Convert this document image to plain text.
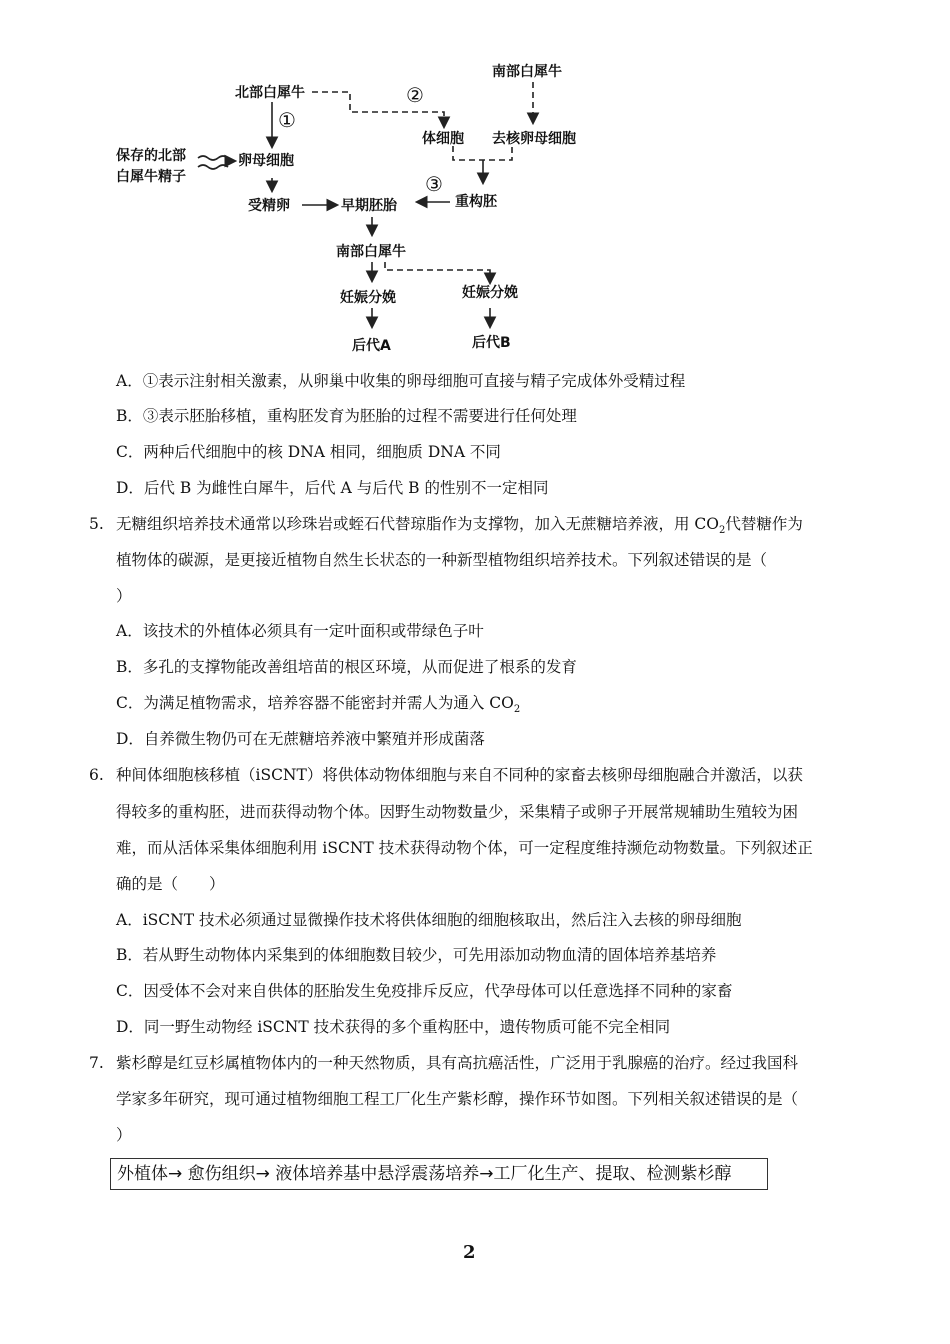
北部白犀牛
南部白犀牛
①
②
③
保存的北部
白犀牛精子
卵母细胞
体细胞 去核卵母细胞
受精卵	早期胚胎	重构胚
南部白犀牛
妊娠分娩	妊娠分娩
后代A	后代B
A．①表示注射相关激素，从卵巢中收集的卵母细胞可直接与精子完成体外受精过程
B．③表示胚胎移植，重构胚发育为胚胎的过程不需要进行任何处理
C．两种后代细胞中的核 DNA 相同，细胞质 DNA 不同
D．后代 B 为雌性白犀牛，后代 A 与后代 B 的性别不一定相同
5. 无糖组织培养技术通常以珍珠岩或蛭石代替琼脂作为支撑物，加入无蔗糖培养液，用 $CO_2$代替糖作为
植物体的碳源，是更接近植物自然生长状态的一种新型植物组织培养技术。下列叙述错误的是（
）
A．该技术的外植体必须具有一定叶面积或带绿色子叶
B．多孔的支撑物能改善组培苗的根区环境，从而促进了根系的发育
C．为满足植物需求，培养容器不能密封并需人为通入 $CO_2$
D．自养微生物仍可在无蔗糖培养液中繁殖并形成菌落
6. 种间体细胞核移植（iSCNT）将供体动物体细胞与来自不同种的家畜去核卵母细胞融合并激活，以获
得较多的重构胚，进而获得动物个体。因野生动物数量少，采集精子或卵子开展常规辅助生殖较为困
难，而从活体采集体细胞利用 iSCNT 技术获得动物个体，可一定程度维持濒危动物数量。下列叙述正
确的是（　　）
A．iSCNT 技术必须通过显微操作技术将供体细胞的细胞核取出，然后注入去核的卵母细胞
B．若从野生动物体内采集到的体细胞数目较少，可先用添加动物血清的固体培养基培养
C．因受体不会对来自供体的胚胎发生免疫排斥反应，代孕母体可以任意选择不同种的家畜
D．同一野生动物经 iSCNT 技术获得的多个重构胚中，遗传物质可能不完全相同
7. 紫杉醇是红豆杉属植物体内的一种天然物质，具有高抗癌活性，广泛用于乳腺癌的治疗。经过我国科
学家多年研究，现可通过植物细胞工程工厂化生产紫杉醇，操作环节如图。下列相关叙述错误的是（
）
外植体→ 愈伤组织→ 液体培养基中悬浮震荡培养→工厂化生产、提取、检测紫杉醇
2
